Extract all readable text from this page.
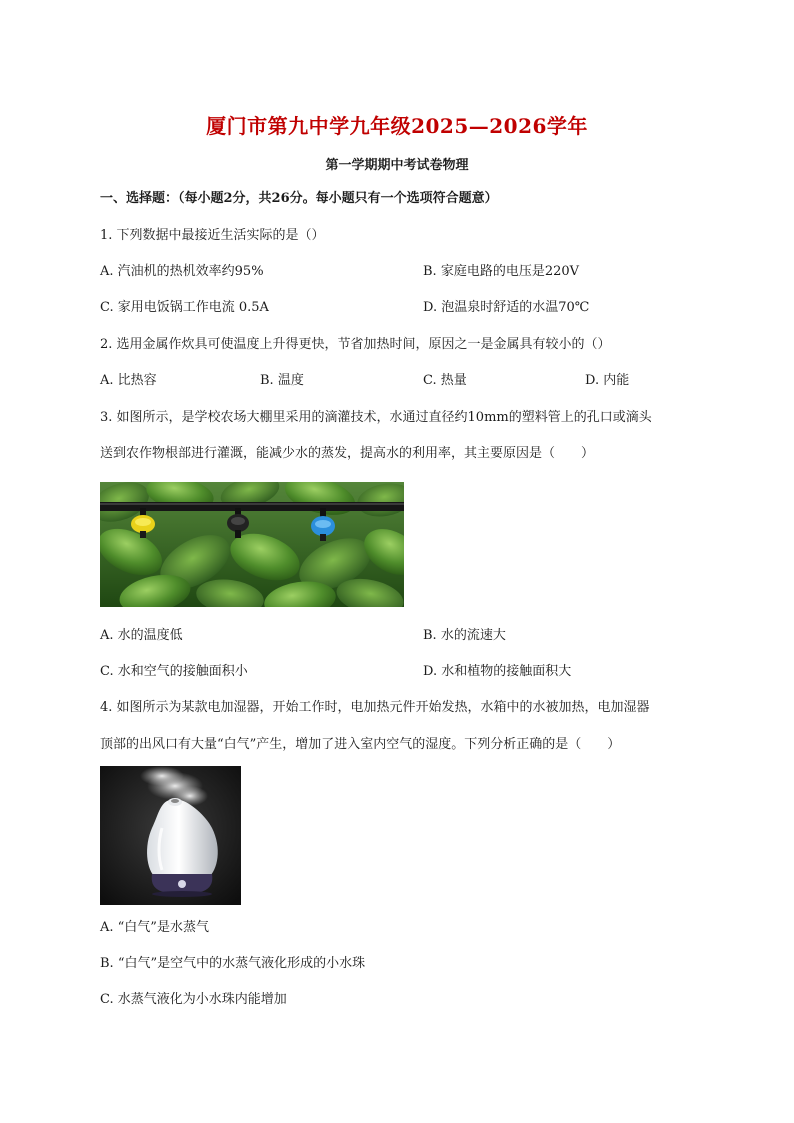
厦门市第九中学九年级2025—2026学年
第一学期期中考试卷物理
一、选择题：（每小题2分，共26分。每小题只有一个选项符合题意）
1. 下列数据中最接近生活实际的是（）
A. 汽油机的热机效率约95%	B. 家庭电路的电压是220V
C. 家用电饭锅工作电流 0.5A	D. 泡温泉时舒适的水温70℃
2. 选用金属作炊具可使温度上升得更快，节省加热时间，原因之一是金属具有较小的（）
A. 比热容	B. 温度	C. 热量	D. 内能
3. 如图所示，是学校农场大棚里采用的滴灌技术，水通过直径约10mm的塑料管上的孔口或滴头
送到农作物根部进行灌溉，能减少水的蒸发，提高水的利用率，其主要原因是（　　）
A. 水的温度低	B. 水的流速大
C. 水和空气的接触面积小	D. 水和植物的接触面积大
4. 如图所示为某款电加湿器，开始工作时，电加热元件开始发热，水箱中的水被加热，电加湿器
顶部的出风口有大量“白气”产生，增加了进入室内空气的湿度。下列分析正确的是（　　）
A. “白气”是水蒸气
B. “白气”是空气中的水蒸气液化形成的小水珠
C. 水蒸气液化为小水珠内能增加
